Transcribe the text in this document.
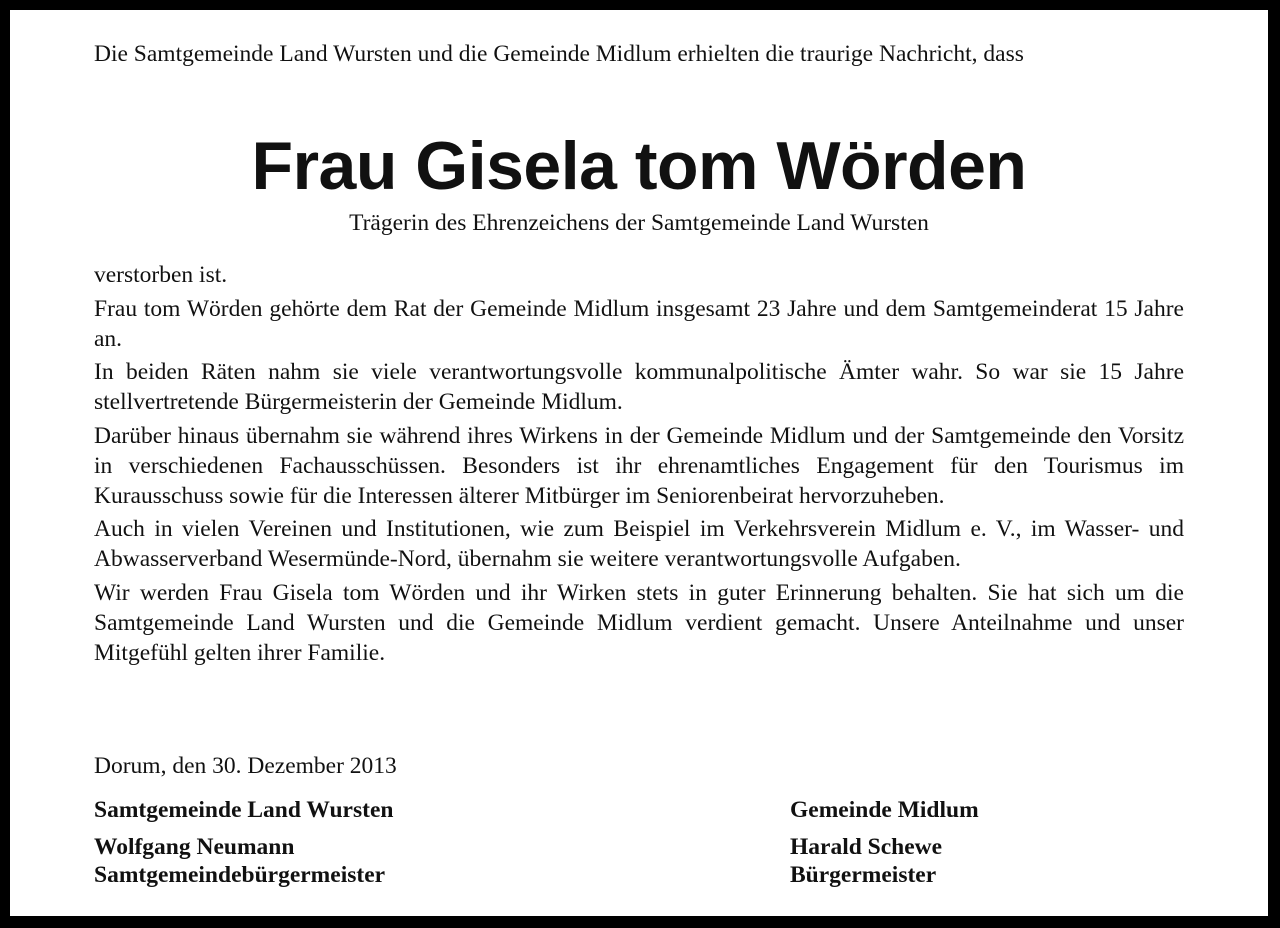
Die Samtgemeinde Land Wursten und die Gemeinde Midlum erhielten die traurige Nachricht, dass
Frau Gisela tom Wörden
Trägerin des Ehrenzeichens der Samtgemeinde Land Wursten

verstorben ist.

Frau tom Wörden gehörte dem Rat der Gemeinde Midlum insgesamt 23 Jahre und dem Samtgemeinderat 15 Jahre an.

In beiden Räten nahm sie viele verantwortungsvolle kommunalpolitische Ämter wahr. So war sie 15 Jahre stellvertretende Bürgermeisterin der Gemeinde Midlum.

Darüber hinaus übernahm sie während ihres Wirkens in der Gemeinde Midlum und der Samtgemeinde den Vorsitz in verschiedenen Fachausschüssen. Besonders ist ihr ehrenamtliches Engagement für den Tourismus im Kurausschuss sowie für die Interessen älterer Mitbürger im Seniorenbeirat hervorzuheben.

Auch in vielen Vereinen und Institutionen, wie zum Beispiel im Verkehrsverein Midlum e. V., im Wasser- und Abwasserverband Wesermünde-Nord, übernahm sie weitere verantwortungsvolle Aufgaben.

Wir werden Frau Gisela tom Wörden und ihr Wirken stets in guter Erinnerung behalten. Sie hat sich um die Samtgemeinde Land Wursten und die Gemeinde Midlum verdient gemacht. Unsere Anteilnahme und unser Mitgefühl gelten ihrer Familie.

Dorum, den 30. Dezember 2013
Samtgemeinde Land Wursten
Wolfgang Neumann
Samtgemeindebürgermeister
Gemeinde Midlum
Harald Schewe
Bürgermeister
